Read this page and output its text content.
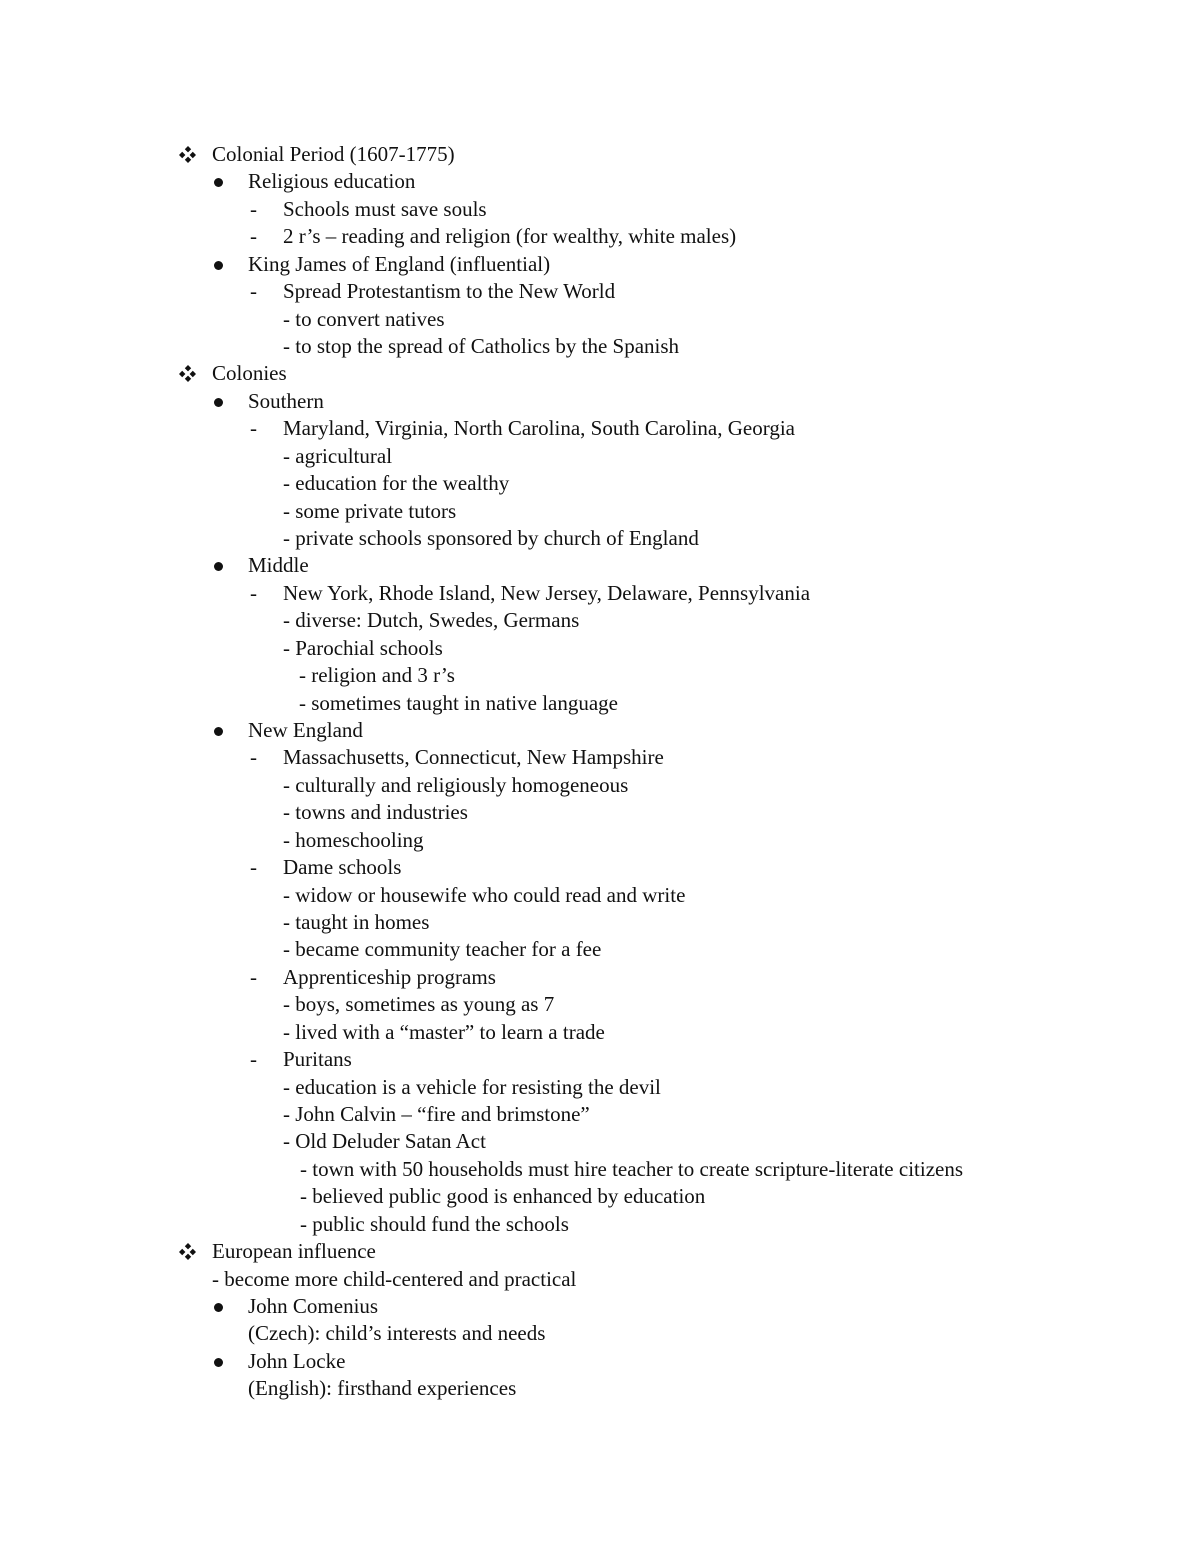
Colonial Period (1607-1775)
Religious education
- Schools must save souls
- 2 r’s – reading and religion (for wealthy, white males)
King James of England (influential)
- Spread Protestantism to the New World
- to convert natives
- to stop the spread of Catholics by the Spanish
Colonies
Southern
- Maryland, Virginia, North Carolina, South Carolina, Georgia
- agricultural
- education for the wealthy
- some private tutors
- private schools sponsored by church of England
Middle
- New York, Rhode Island, New Jersey, Delaware, Pennsylvania
- diverse: Dutch, Swedes, Germans
- Parochial schools
- religion and 3 r’s
- sometimes taught in native language
New England
- Massachusetts, Connecticut, New Hampshire
- culturally and religiously homogeneous
- towns and industries
- homeschooling
- Dame schools
- widow or housewife who could read and write
- taught in homes
- became community teacher for a fee
- Apprenticeship programs
- boys, sometimes as young as 7
- lived with a “master” to learn a trade
- Puritans
- education is a vehicle for resisting the devil
- John Calvin – “fire and brimstone”
- Old Deluder Satan Act
- town with 50 households must hire teacher to create scripture-literate citizens
- believed public good is enhanced by education
- public should fund the schools
European influence
- become more child-centered and practical
John Comenius
(Czech): child’s interests and needs
John Locke
(English): firsthand experiences
